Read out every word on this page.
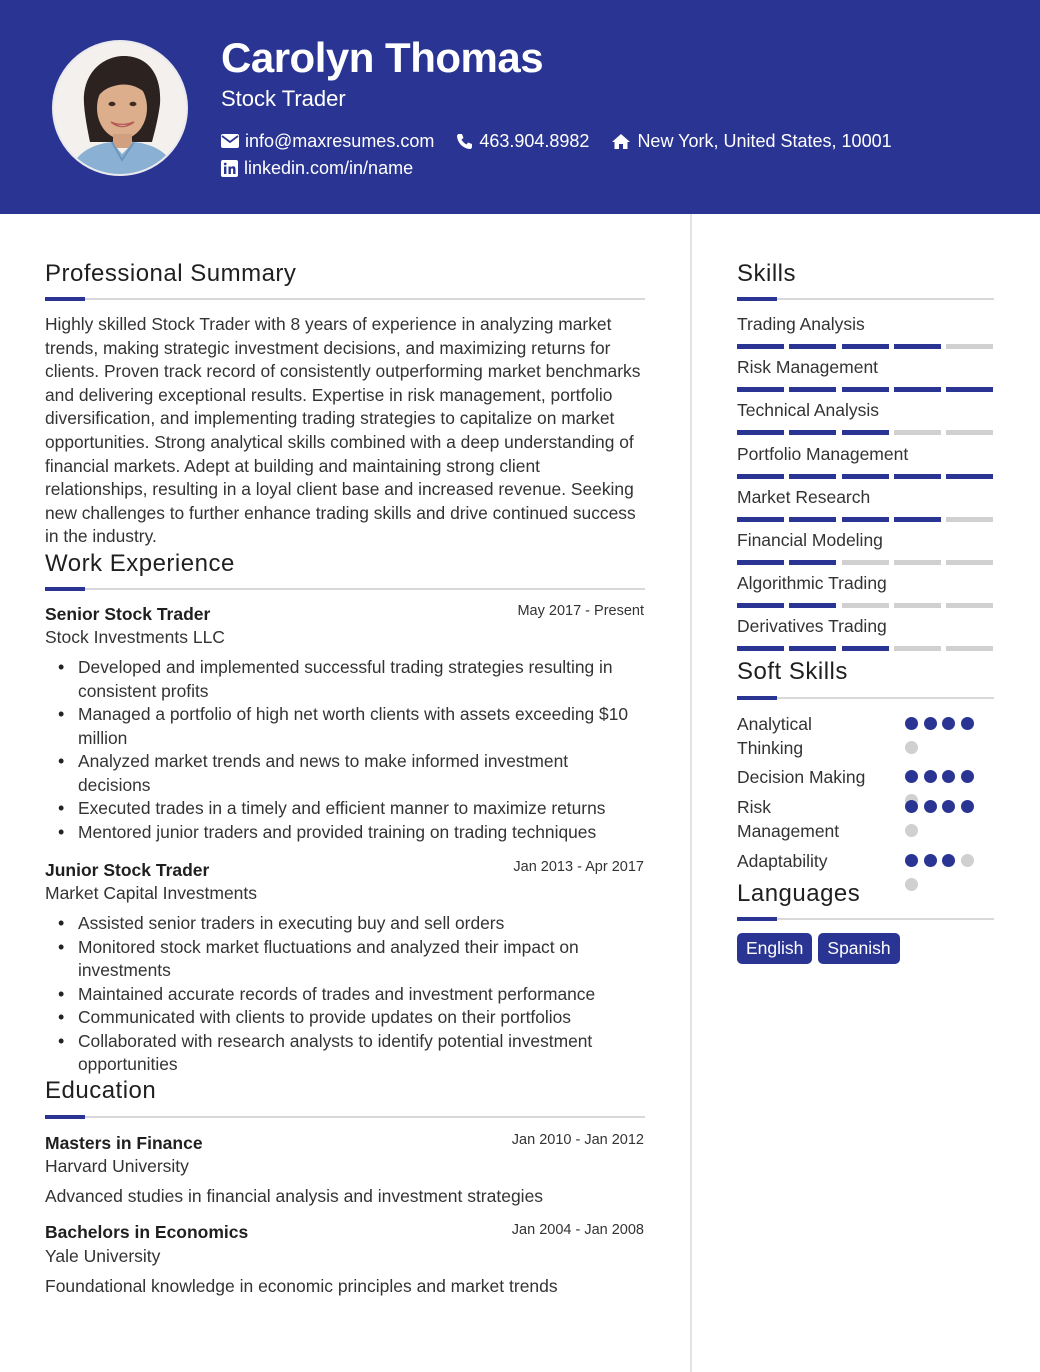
Carolyn Thomas
Stock Trader
info@maxresumes.com	463.904.8982	New York, United States, 10001
linkedin.com/in/name
Professional Summary

Highly skilled Stock Trader with 8 years of experience in analyzing market trends, making strategic investment decisions, and maximizing returns for clients. Proven track record of consistently outperforming market benchmarks and delivering exceptional results. Expertise in risk management, portfolio diversification, and implementing trading strategies to capitalize on market opportunities. Strong analytical skills combined with a deep understanding of financial markets. Adept at building and maintaining strong client relationships, resulting in a loyal client base and increased revenue. Seeking new challenges to further enhance trading skills and drive continued success in the industry.

Work Experience
Senior Stock Trader	May 2017 - Present
Stock Investments LLC
• Developed and implemented successful trading strategies resulting in consistent profits
• Managed a portfolio of high net worth clients with assets exceeding $10 million
• Analyzed market trends and news to make informed investment decisions
• Executed trades in a timely and efficient manner to maximize returns
• Mentored junior traders and provided training on trading techniques
Junior Stock Trader	Jan 2013 - Apr 2017
Market Capital Investments
• Assisted senior traders in executing buy and sell orders
• Monitored stock market fluctuations and analyzed their impact on investments
• Maintained accurate records of trades and investment performance
• Communicated with clients to provide updates on their portfolios
• Collaborated with research analysts to identify potential investment opportunities
Education
Masters in Finance	Jan 2010 - Jan 2012
Harvard University
Advanced studies in financial analysis and investment strategies
Bachelors in Economics	Jan 2004 - Jan 2008
Yale University
Foundational knowledge in economic principles and market trends
Skills
Trading Analysis
Risk Management
Technical Analysis
Portfolio Management
Market Research
Financial Modeling
Algorithmic Trading
Derivatives Trading
Soft Skills
Analytical Thinking
Decision Making
Risk Management
Adaptability
Languages
English	Spanish
